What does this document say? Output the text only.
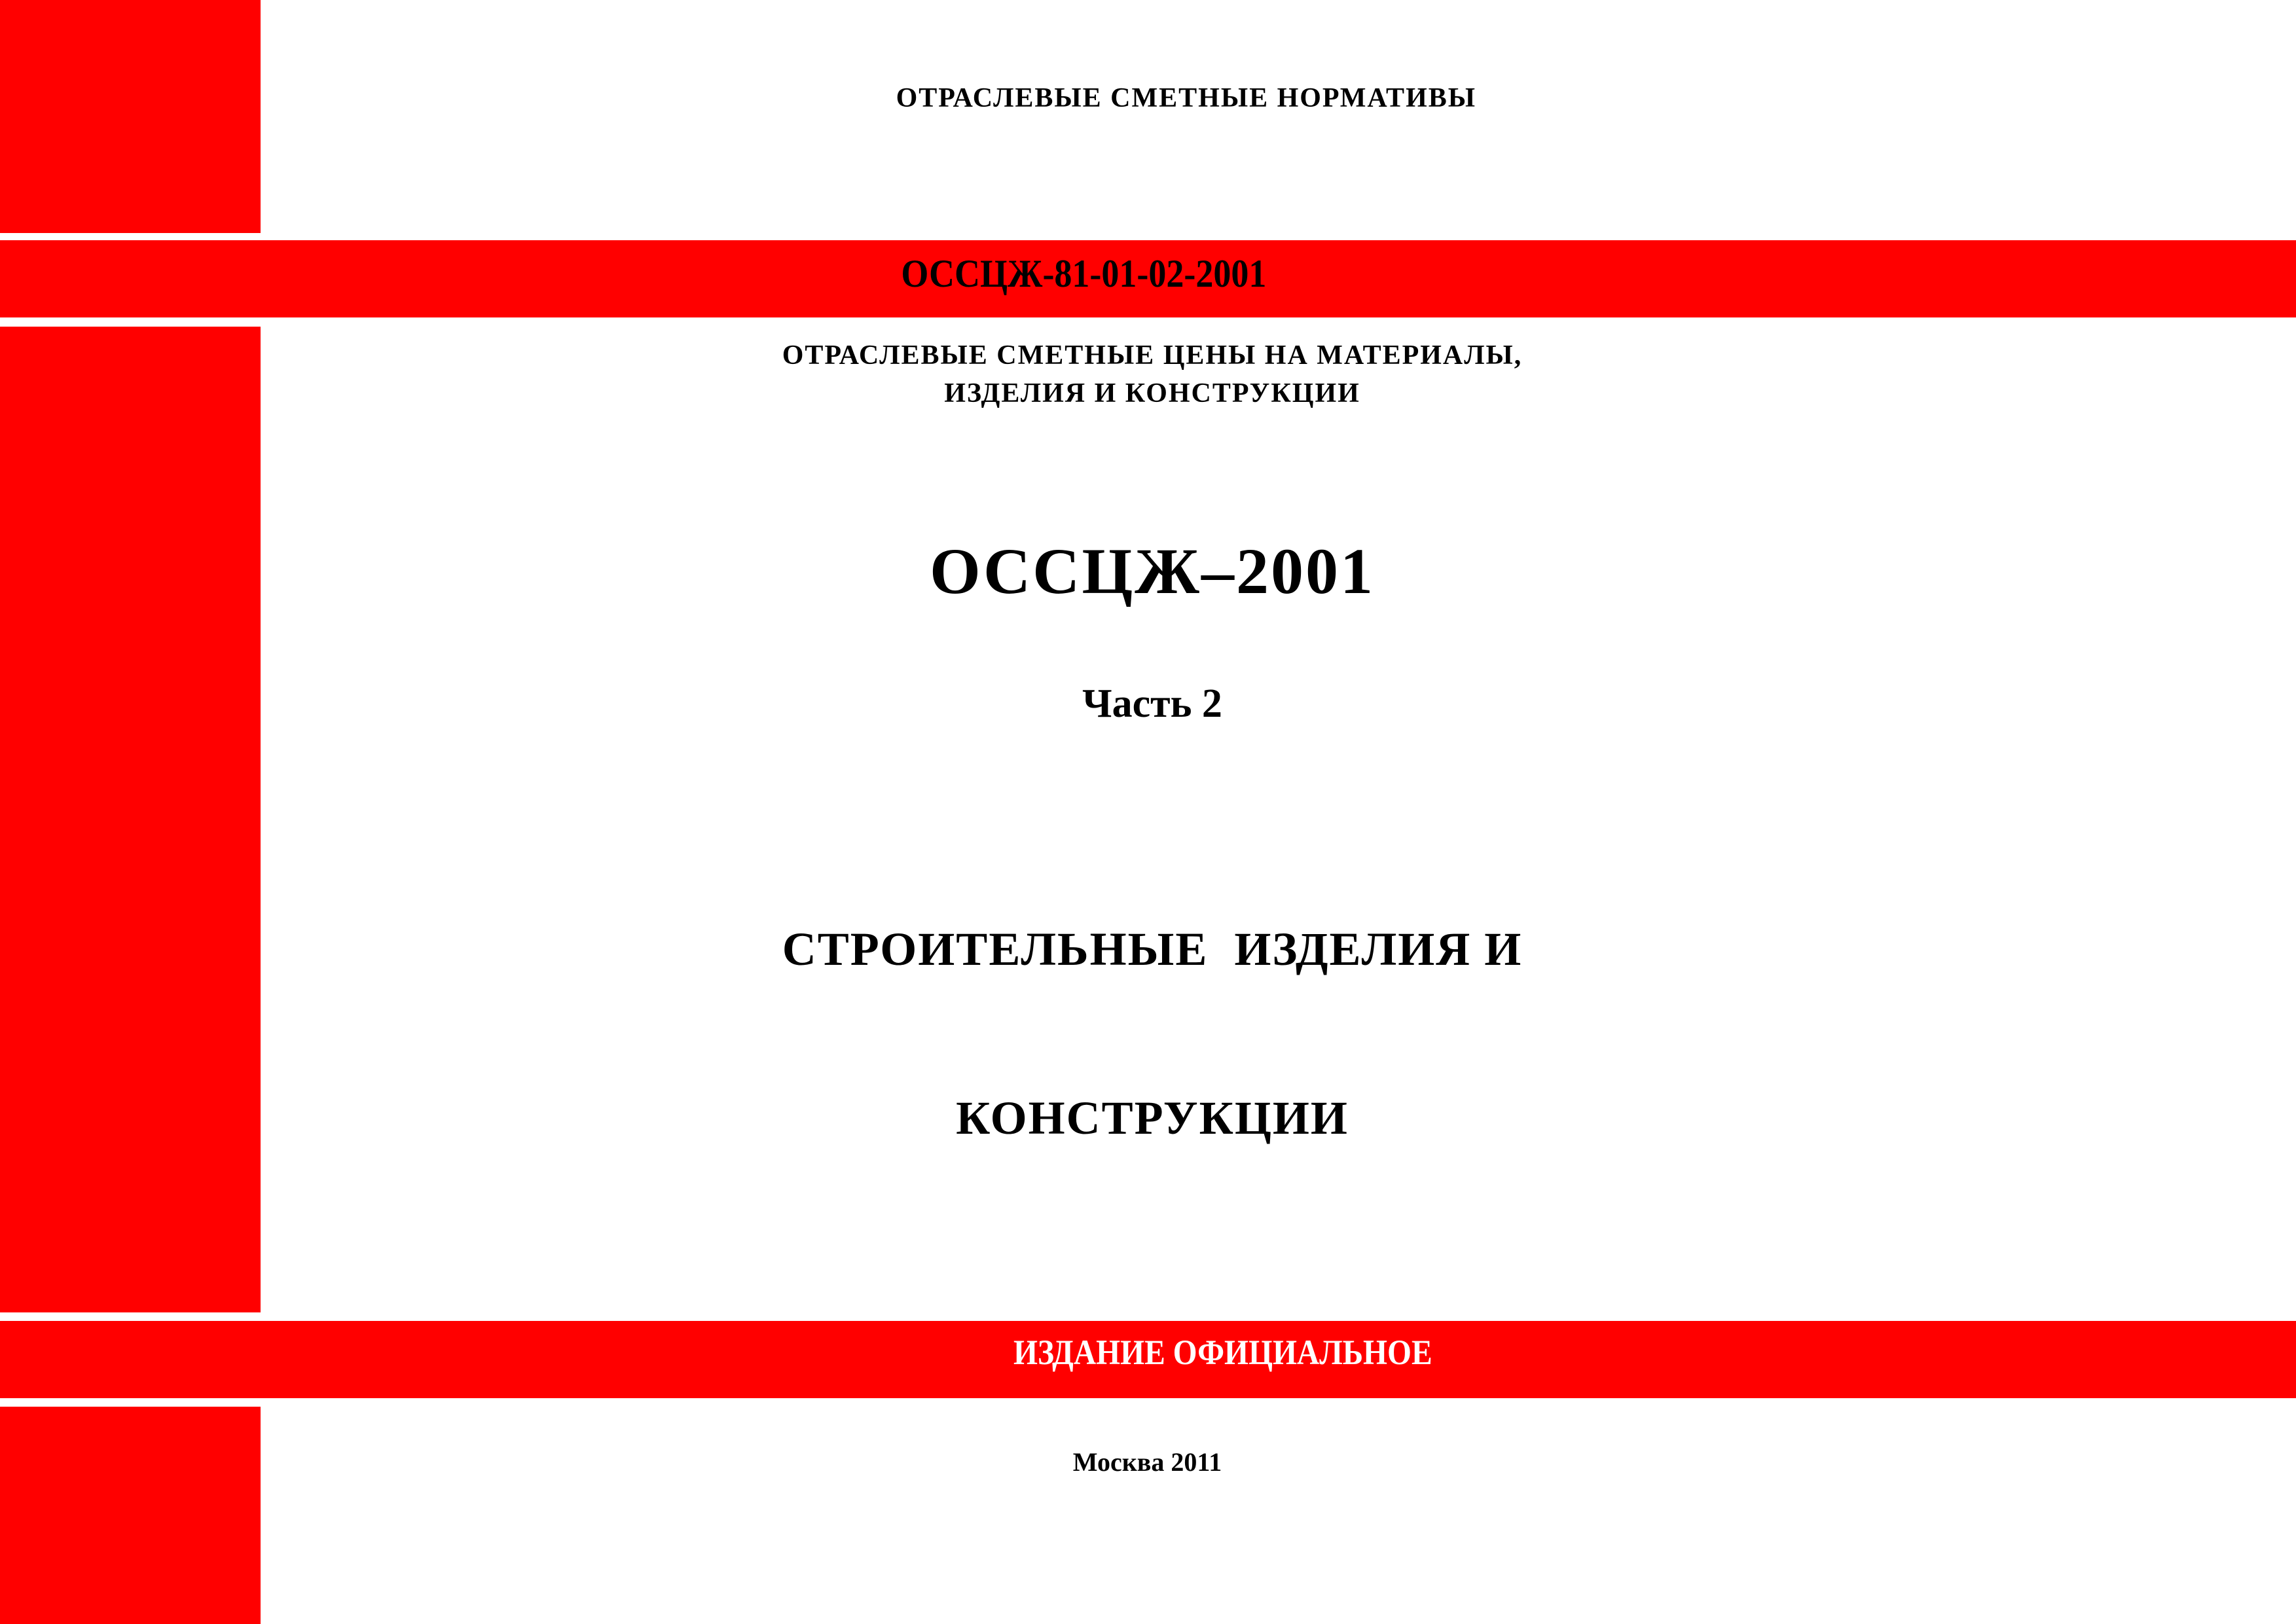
ОТРАСЛЕВЫЕ СМЕТНЫЕ НОРМАТИВЫ
ОССЦЖ-81-01-02-2001
ОТРАСЛЕВЫЕ СМЕТНЫЕ ЦЕНЫ НА МАТЕРИАЛЫ,
ИЗДЕЛИЯ И КОНСТРУКЦИИ
ОССЦЖ–2001
Часть 2

СТРОИТЕЛЬНЫЕ  ИЗДЕЛИЯ И

КОНСТРУКЦИИ

ИЗДАНИЕ ОФИЦИАЛЬНОЕ
Москва 2011
